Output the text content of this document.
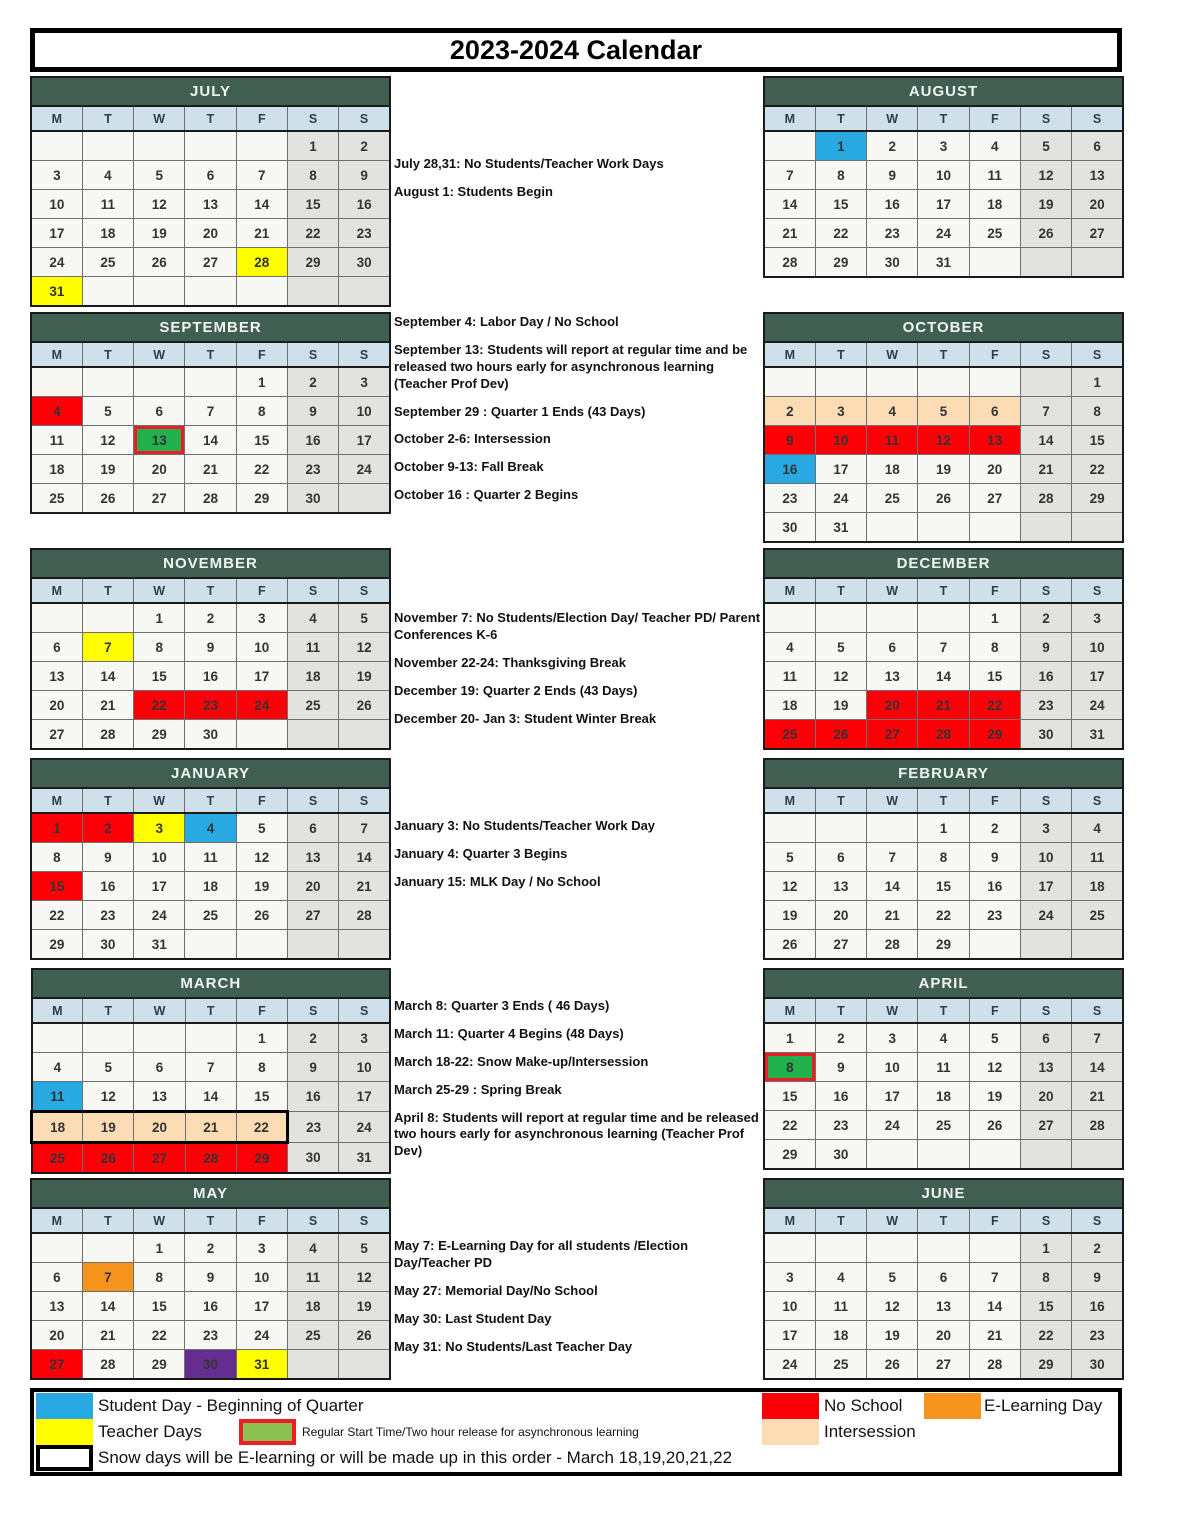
2023-2024 Calendar
JULY						
M	T	W	T	F	S	S
					1	2
3	4	5	6	7	8	9
10	11	12	13	14	15	16
17	18	19	20	21	22	23
24	25	26	27	28	29	30
31						
AUGUST						
M	T	W	T	F	S	S
	1	2	3	4	5	6
7	8	9	10	11	12	13
14	15	16	17	18	19	20
21	22	23	24	25	26	27
28	29	30	31			
SEPTEMBER						
M	T	W	T	F	S	S
				1	2	3
4	5	6	7	8	9	10
11	12	13	14	15	16	17
18	19	20	21	22	23	24
25	26	27	28	29	30	
OCTOBER						
M	T	W	T	F	S	S
						1
2	3	4	5	6	7	8
9	10	11	12	13	14	15
16	17	18	19	20	21	22
23	24	25	26	27	28	29
30	31					
NOVEMBER						
M	T	W	T	F	S	S
		1	2	3	4	5
6	7	8	9	10	11	12
13	14	15	16	17	18	19
20	21	22	23	24	25	26
27	28	29	30			
DECEMBER						
M	T	W	T	F	S	S
				1	2	3
4	5	6	7	8	9	10
11	12	13	14	15	16	17
18	19	20	21	22	23	24
25	26	27	28	29	30	31
JANUARY						
M	T	W	T	F	S	S
1	2	3	4	5	6	7
8	9	10	11	12	13	14
15	16	17	18	19	20	21
22	23	24	25	26	27	28
29	30	31				
FEBRUARY						
M	T	W	T	F	S	S
			1	2	3	4
5	6	7	8	9	10	11
12	13	14	15	16	17	18
19	20	21	22	23	24	25
26	27	28	29			
MARCH						
M	T	W	T	F	S	S
				1	2	3
4	5	6	7	8	9	10
11	12	13	14	15	16	17
18	19	20	21	22	23	24
25	26	27	28	29	30	31
APRIL						
M	T	W	T	F	S	S
1	2	3	4	5	6	7
8	9	10	11	12	13	14
15	16	17	18	19	20	21
22	23	24	25	26	27	28
29	30					
MAY						
M	T	W	T	F	S	S
		1	2	3	4	5
6	7	8	9	10	11	12
13	14	15	16	17	18	19
20	21	22	23	24	25	26
27	28	29	30	31		
JUNE						
M	T	W	T	F	S	S
					1	2
3	4	5	6	7	8	9
10	11	12	13	14	15	16
17	18	19	20	21	22	23
24	25	26	27	28	29	30

July 28,31: No Students/Teacher Work Days

August 1: Students Begin

September 4: Labor Day / No School

September 13: Students will report at regular time and be released two hours early for asynchronous learning (Teacher Prof Dev)

September 29 : Quarter 1 Ends (43 Days)

October 2-6: Intersession

October 9-13: Fall Break

October 16 : Quarter 2 Begins

November 7: No Students/Election Day/ Teacher PD/ Parent Conferences K-6

November 22-24: Thanksgiving Break

December 19: Quarter 2 Ends (43 Days)

December 20- Jan 3: Student Winter Break

January 3: No Students/Teacher Work Day

January 4: Quarter 3 Begins

January 15: MLK Day / No School

March 8: Quarter 3 Ends ( 46 Days)

March 11: Quarter 4 Begins (48 Days)

March 18-22: Snow Make-up/Intersession

March 25-29 : Spring Break

April 8: Students will report at regular time and be released two hours early for asynchronous learning (Teacher Prof Dev)

May 7: E-Learning Day for all students /Election Day/Teacher PD

May 27: Memorial Day/No School

May 30: Last Student Day

May 31: No Students/Last Teacher Day

Student Day - Beginning of Quarter	No School	E-Learning Day
Teacher Days	Regular Start Time/Two hour release for asynchronous learning	Intersession
Snow days will be E-learning or will be made up in this order - March 18,19,20,21,22
